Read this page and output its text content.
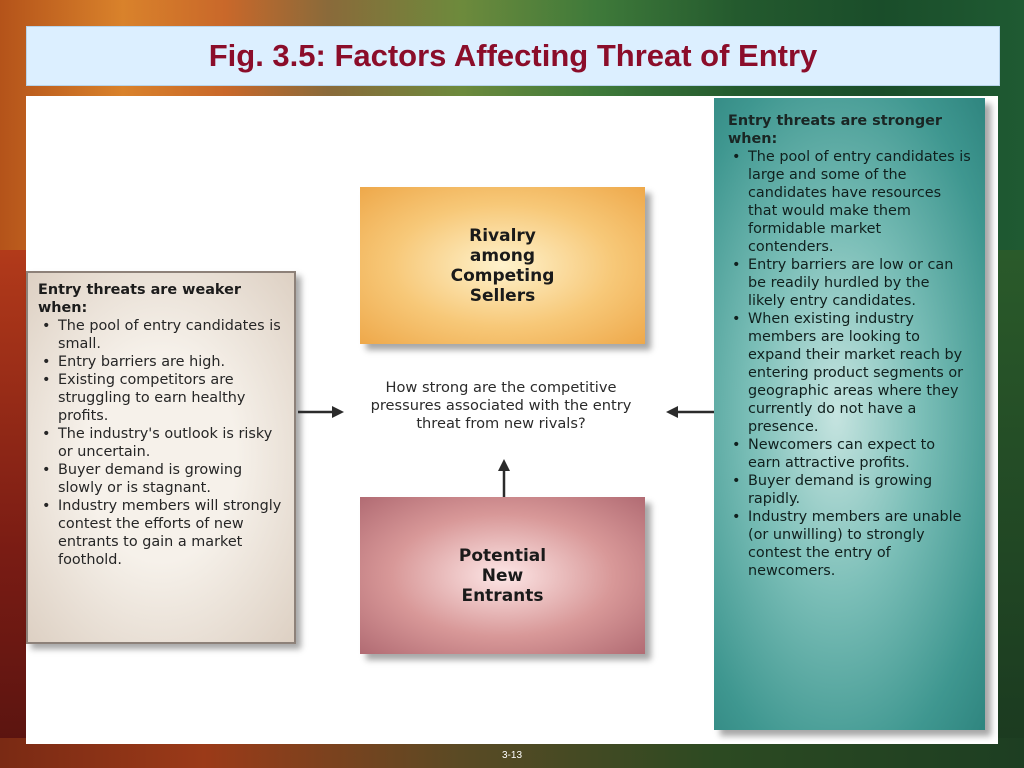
Fig. 3.5: Factors Affecting Threat of Entry
Entry threats are weaker when:
• The pool of entry candidates is small.
• Entry barriers are high.
• Existing competitors are struggling to earn healthy profits.
• The industry's outlook is risky or uncertain.
• Buyer demand is growing slowly or is stagnant.
• Industry members will strongly contest the efforts of new entrants to gain a market foothold.
Rivalry
among
Competing
Sellers
How strong are the competitive pressures associated with the entry threat from new rivals?
Potential
New
Entrants
Entry threats are stronger when:
• The pool of entry candidates is large and some of the candidates have resources that would make them formidable market contenders.
• Entry barriers are low or can be readily hurdled by the likely entry candidates.
• When existing industry members are looking to expand their market reach by entering product segments or geographic areas where they currently do not have a presence.
• Newcomers can expect to earn attractive profits.
• Buyer demand is growing rapidly.
• Industry members are unable (or unwilling) to strongly contest the entry of newcomers.
3-13
